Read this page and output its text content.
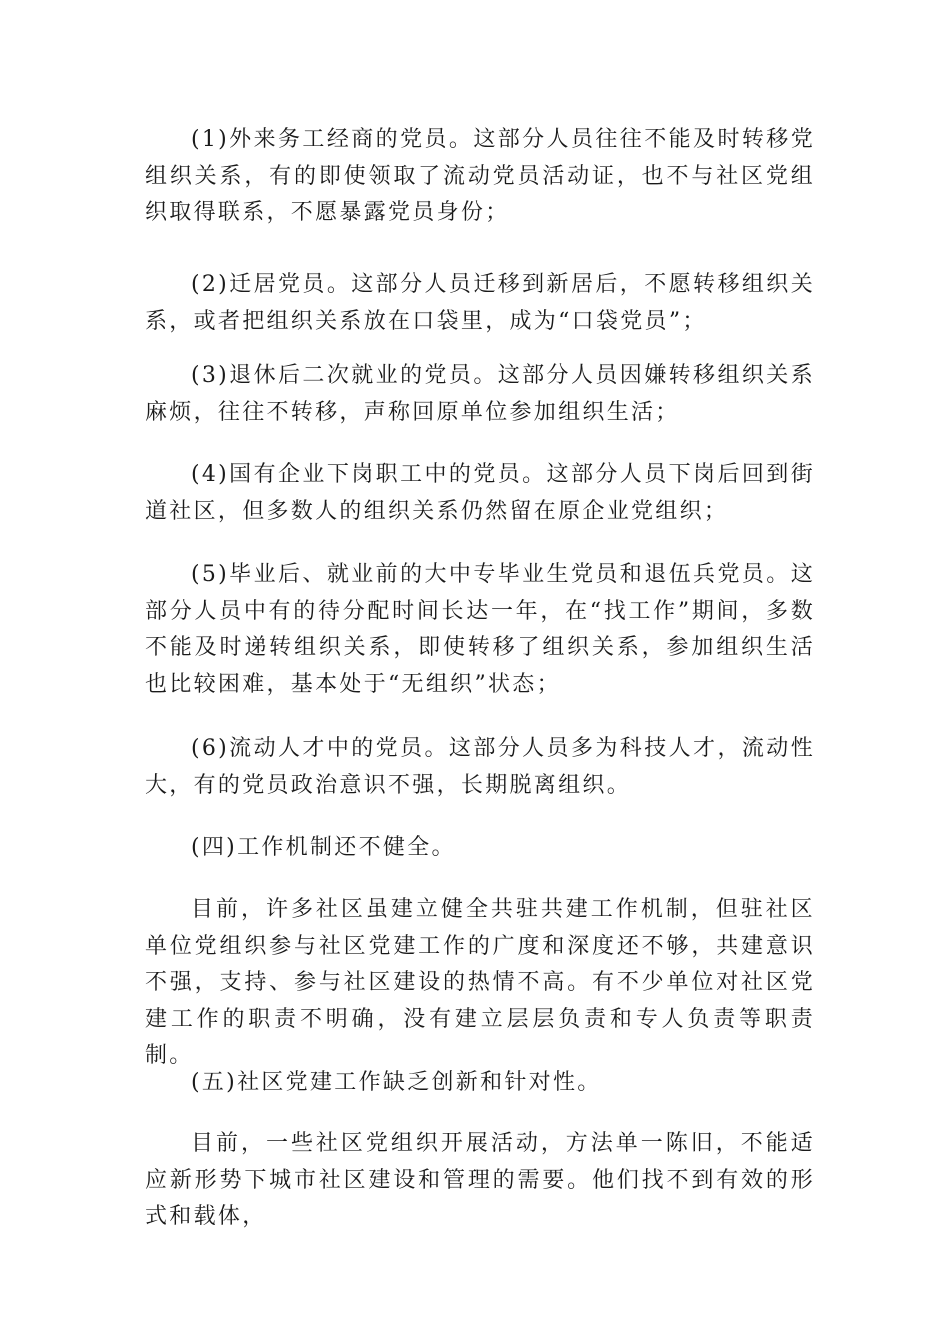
(1)外来务工经商的党员。这部分人员往往不能及时转移党组织关系，有的即使领取了流动党员活动证，也不与社区党组织取得联系，不愿暴露党员身份；

(2)迁居党员。这部分人员迁移到新居后，不愿转移组织关系，或者把组织关系放在口袋里，成为“口袋党员”；

(3)退休后二次就业的党员。这部分人员因嫌转移组织关系麻烦，往往不转移，声称回原单位参加组织生活；

(4)国有企业下岗职工中的党员。这部分人员下岗后回到街道社区，但多数人的组织关系仍然留在原企业党组织；

(5)毕业后、就业前的大中专毕业生党员和退伍兵党员。这部分人员中有的待分配时间长达一年，在“找工作”期间，多数不能及时递转组织关系，即使转移了组织关系，参加组织生活也比较困难，基本处于“无组织”状态；

(6)流动人才中的党员。这部分人员多为科技人才，流动性大，有的党员政治意识不强，长期脱离组织。

(四)工作机制还不健全。

目前，许多社区虽建立健全共驻共建工作机制，但驻社区单位党组织参与社区党建工作的广度和深度还不够，共建意识不强，支持、参与社区建设的热情不高。有不少单位对社区党建工作的职责不明确，没有建立层层负责和专人负责等职责制。

(五)社区党建工作缺乏创新和针对性。

目前，一些社区党组织开展活动，方法单一陈旧，不能适应新形势下城市社区建设和管理的需要。他们找不到有效的形式和载体，
